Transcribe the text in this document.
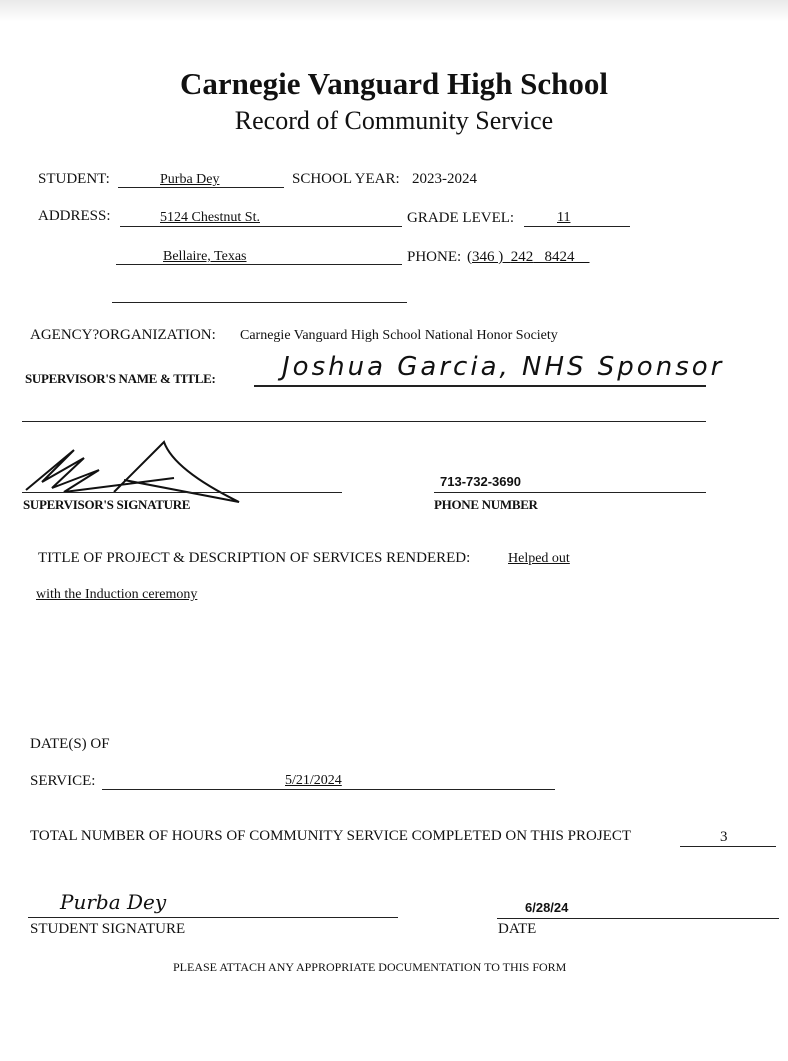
Carnegie Vanguard High School
Record of Community Service
STUDENT:	Purba Dey	SCHOOL YEAR: 2023-2024
ADDRESS:	5124 Chestnut St.	GRADE LEVEL:	11
Bellaire, Texas	PHONE: (346 )  242 8424
AGENCY?ORGANIZATION: Carnegie Vanguard High School National Honor Society
SUPERVISOR'S NAME & TITLE:	Joshua Garcia, NHS Sponsor
SUPERVISOR'S SIGNATURE
713-732-3690
PHONE NUMBER
TITLE OF PROJECT & DESCRIPTION OF SERVICES RENDERED:	Helped out
with the Induction ceremony
DATE(S) OF
SERVICE:	5/21/2024
TOTAL NUMBER OF HOURS OF COMMUNITY SERVICE COMPLETED ON THIS PROJECT	3
Purba Dey
STUDENT SIGNATURE
6/28/24
DATE
PLEASE ATTACH ANY APPROPRIATE DOCUMENTATION TO THIS FORM
